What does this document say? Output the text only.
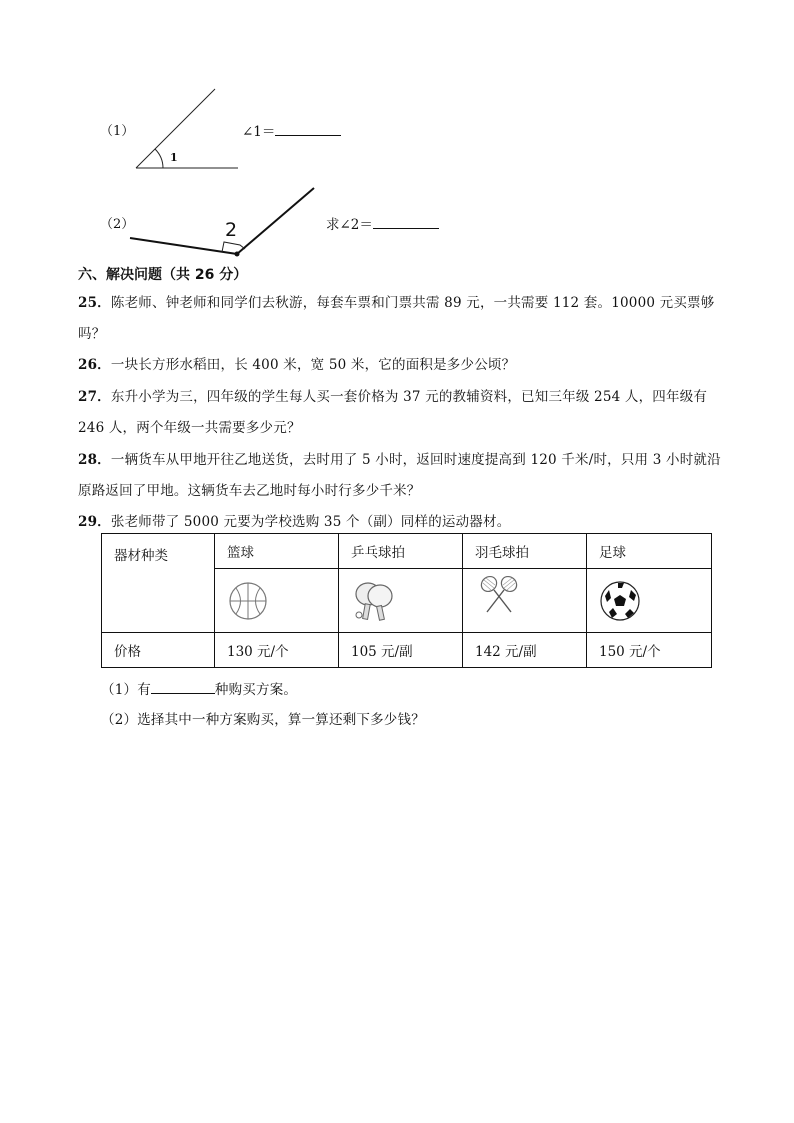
（1）
1
∠1＝
（2）	2	求∠2＝
六、解决问题（共 26 分）
25．陈老师、钟老师和同学们去秋游，每套车票和门票共需 89 元，一共需要 112 套。10000 元买票够
吗？
26．一块长方形水稻田，长 400 米，宽 50 米，它的面积是多少公顷？
27．东升小学为三，四年级的学生每人买一套价格为 37 元的教辅资料，已知三年级 254 人，四年级有
246 人，两个年级一共需要多少元？
28．一辆货车从甲地开往乙地送货，去时用了 5 小时，返回时速度提高到 120 千米/时，只用 3 小时就沿
原路返回了甲地。这辆货车去乙地时每小时行多少千米？
29．张老师带了 5000 元要为学校选购 35 个（副）同样的运动器材。
器材种类	篮球	乒乓球拍	羽毛球拍	足球

价格	130 元/个	105 元/副	142 元/副	150 元/个
（1）有	种购买方案。
（2）选择其中一种方案购买，算一算还剩下多少钱？
